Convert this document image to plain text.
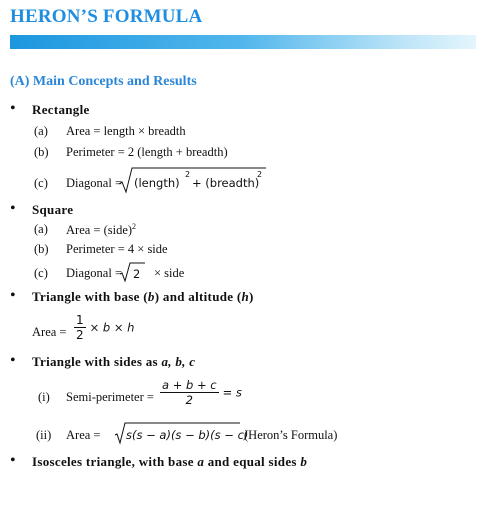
HERON’S FORMULA
(A) Main Concepts and Results
• Rectangle
(a) Area = length × breadth
(b) Perimeter = 2 (length + breadth)
(c) Diagonal = (length)
2
+ (breadth)
2
• Square
(a) Area = (side)$^2$
(b) Perimeter = 4 × side
(c) Diagonal = 2 × side
• Triangle with base (b) and altitude (h)
Area = $\frac{1}{2} \times b \times h$
• Triangle with sides as a, b, c
(i) Semi-perimeter = $\frac{a + b + c}{2} = s$
(ii) Area = s(s − a)(s − b)(s − c)
(Heron’s Formula)
• Isosceles triangle, with base a and equal sides b
